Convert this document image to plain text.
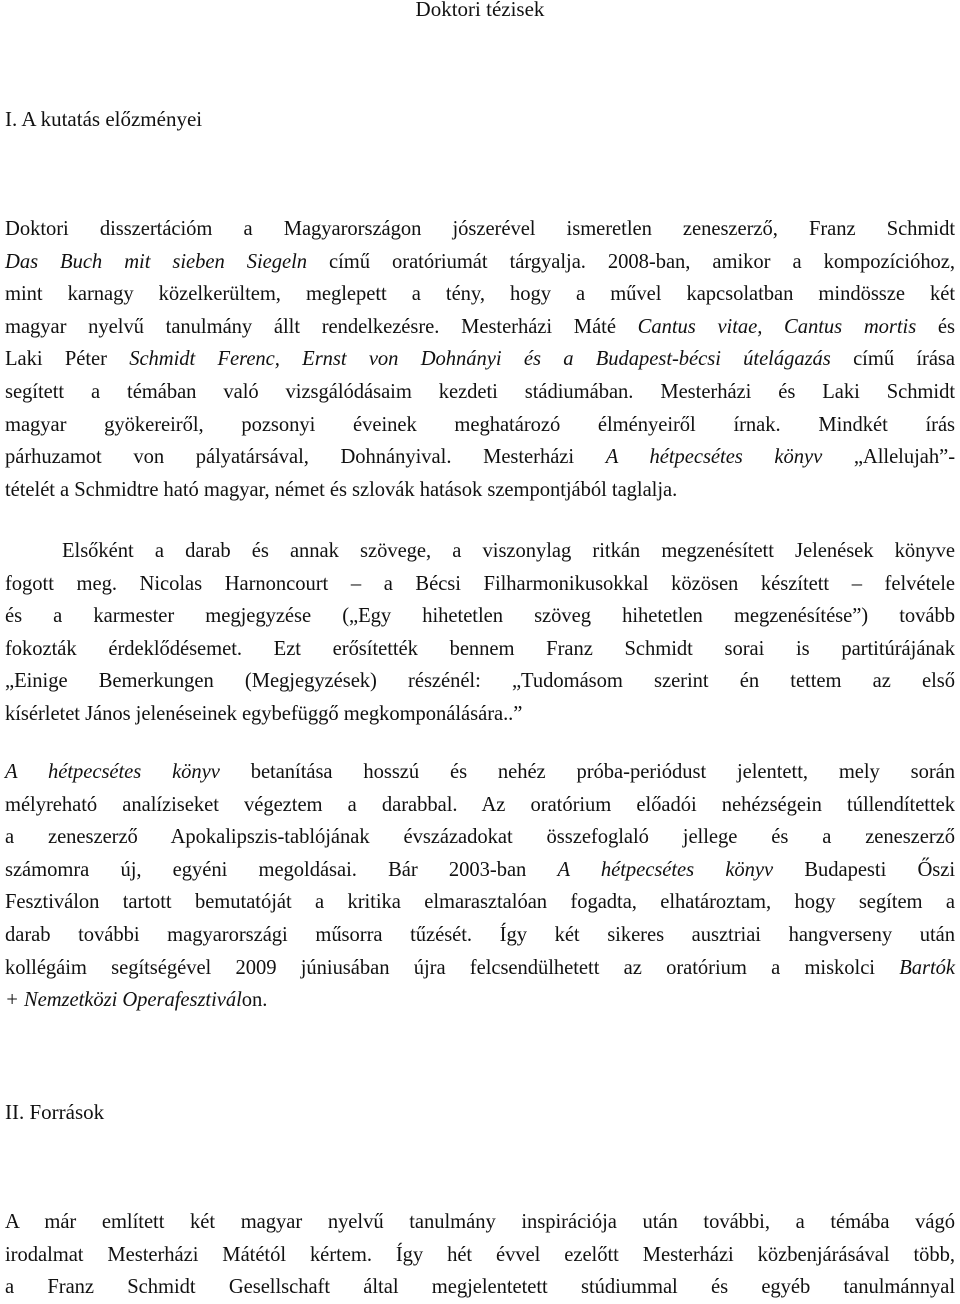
Doktori tézisek
I. A kutatás előzményei

Doktori disszertációm a Magyarországon jószerével ismeretlen zeneszerző, Franz Schmidt
Das Buch mit sieben Siegeln című oratóriumát tárgyalja. 2008-ban, amikor a kompozícióhoz,
mint karnagy közelkerültem, meglepett a tény, hogy a művel kapcsolatban mindössze két
magyar nyelvű tanulmány állt rendelkezésre. Mesterházi Máté Cantus vitae, Cantus mortis és
Laki Péter Schmidt Ferenc, Ernst von Dohnányi és a Budapest-bécsi útelágazás című írása
segített a témában való vizsgálódásaim kezdeti stádiumában. Mesterházi és Laki Schmidt
magyar gyökereiről, pozsonyi éveinek meghatározó élményeiről írnak. Mindkét írás
párhuzamot von pályatársával, Dohnányival. Mesterházi A hétpecsétes könyv „Allelujah”-
tételét a Schmidtre ható magyar, német és szlovák hatások szempontjából taglalja.

Elsőként a darab és annak szövege, a viszonylag ritkán megzenésített Jelenések könyve
fogott meg. Nicolas Harnoncourt – a Bécsi Filharmonikusokkal közösen készített – felvétele
és a karmester megjegyzése („Egy hihetetlen szöveg hihetetlen megzenésítése”) tovább
fokozták érdeklődésemet. Ezt erősítették bennem Franz Schmidt sorai is partitúrájának
„Einige Bemerkungen (Megjegyzések) részénél: „Tudomásom szerint én tettem az első
kísérletet János jelenéseinek egybefüggő megkomponálására..”

A hétpecsétes könyv betanítása hosszú és nehéz próba-periódust jelentett, mely során
mélyreható analíziseket végeztem a darabbal. Az oratórium előadói nehézségein túllendítettek
a zeneszerző Apokalipszis-tablójának évszázadokat összefoglaló jellege és a zeneszerző
számomra új, egyéni megoldásai. Bár 2003-ban A hétpecsétes könyv Budapesti Őszi
Fesztiválon tartott bemutatóját a kritika elmarasztalóan fogadta, elhatároztam, hogy segítem a
darab további magyarországi műsorra tűzését. Így két sikeres ausztriai hangverseny után
kollégáim segítségével 2009 júniusában újra felcsendülhetett az oratórium a miskolci Bartók
+ Nemzetközi Operafesztiválon.

II. Források

A már említett két magyar nyelvű tanulmány inspirációja után további, a témába vágó
irodalmat Mesterházi Mátétól kértem. Így hét évvel ezelőtt Mesterházi közbenjárásával több,
a Franz Schmidt Gesellschaft által megjelentetett stúdiummal és egyéb tanulmánnyal
